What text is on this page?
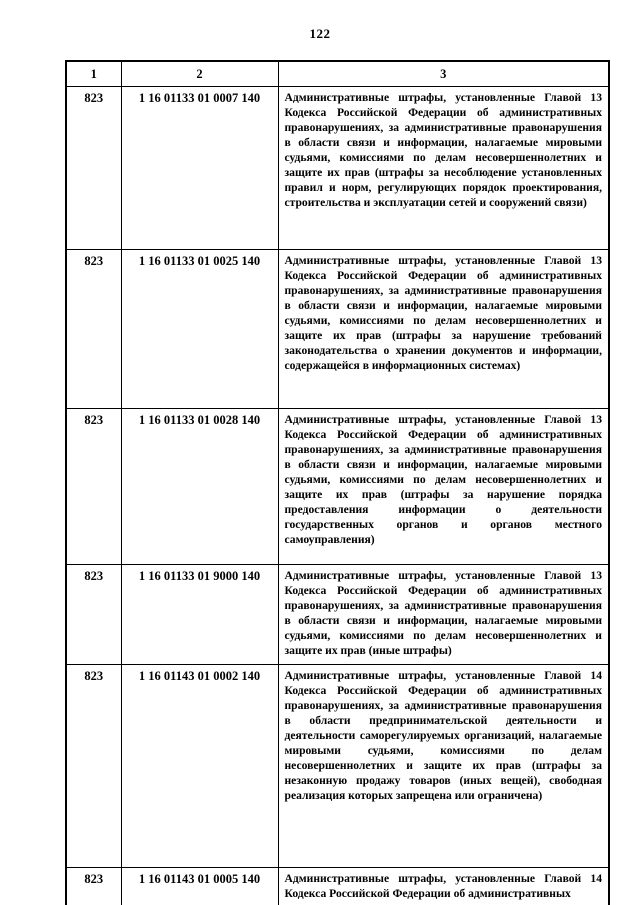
122
1	2	3
823	1 16 01133 01 0007 140	Административные штрафы, установленные Главой 13 Кодекса Российской Федерации об административных правонарушениях, за административные правонарушения в области связи и информации, налагаемые мировыми судьями, комиссиями по делам несовершеннолетних и защите их прав (штрафы за несоблюдение установленных правил и норм, регулирующих порядок проектирования, строительства и эксплуатации сетей и сооружений связи)
823	1 16 01133 01 0025 140	Административные штрафы, установленные Главой 13 Кодекса Российской Федерации об административных правонарушениях, за административные правонарушения в области связи и информации, налагаемые мировыми судьями, комиссиями по делам несовершеннолетних и защите их прав (штрафы за нарушение требований законодательства о хранении документов и информации, содержащейся в информационных системах)
823	1 16 01133 01 0028 140	Административные штрафы, установленные Главой 13 Кодекса Российской Федерации об административных правонарушениях, за административные правонарушения в области связи и информации, налагаемые мировыми судьями, комиссиями по делам несовершеннолетних и защите их прав (штрафы за нарушение порядка предоставления информации о деятельности государственных органов и органов местного самоуправления)
823	1 16 01133 01 9000 140	Административные штрафы, установленные Главой 13 Кодекса Российской Федерации об административных правонарушениях, за административные правонарушения в области связи и информации, налагаемые мировыми судьями, комиссиями по делам несовершеннолетних и защите их прав (иные штрафы)
823	1 16 01143 01 0002 140	Административные штрафы, установленные Главой 14 Кодекса Российской Федерации об административных правонарушениях, за административные правонарушения в области предпринимательской деятельности и деятельности саморегулируемых организаций, налагаемые мировыми судьями, комиссиями по делам несовершеннолетних и защите их прав (штрафы за незаконную продажу товаров (иных вещей), свободная реализация которых запрещена или ограничена)
823	1 16 01143 01 0005 140	Административные штрафы, установленные Главой 14 Кодекса Российской Федерации об административных
